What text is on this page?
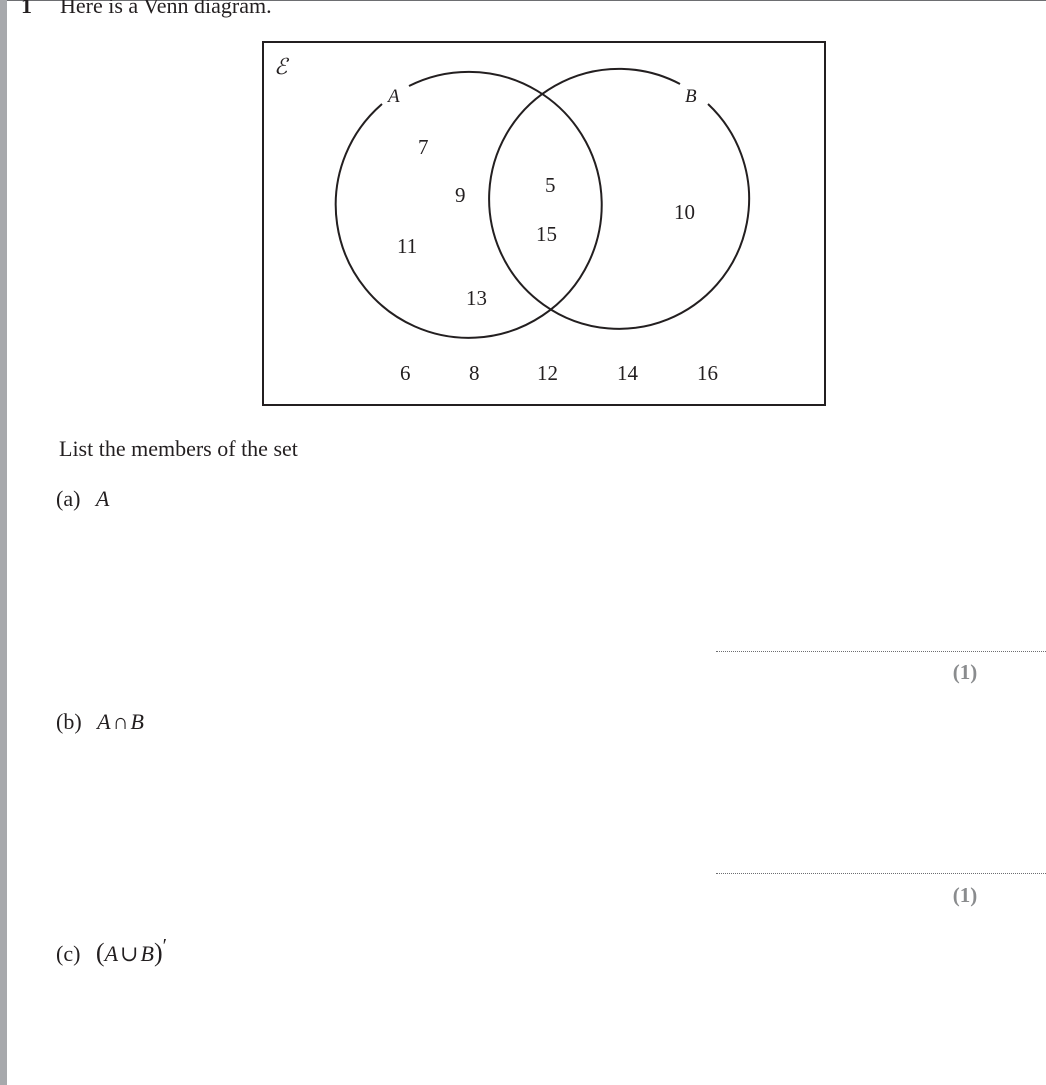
1 Here is a Venn diagram.
ℰ
A	B
7
9
11
13
5
15
10
6	8	12	14	16
List the members of the set
(a) A
(1)
(b) A∩B
(1)
(c) (A∪B)′
